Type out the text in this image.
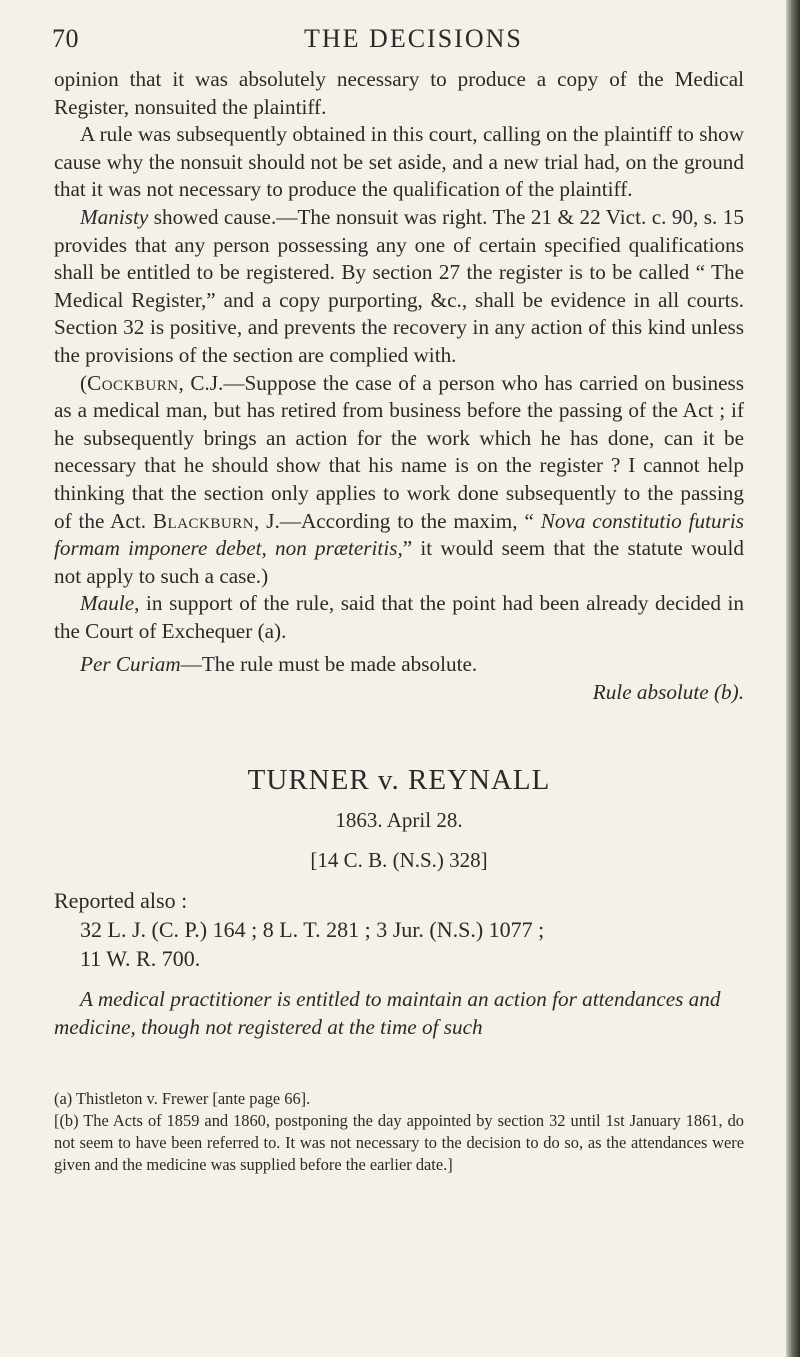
70	THE DECISIONS

opinion that it was absolutely necessary to produce a copy of the Medical Register, nonsuited the plaintiff.

A rule was subsequently obtained in this court, calling on the plaintiff to show cause why the nonsuit should not be set aside, and a new trial had, on the ground that it was not necessary to produce the qualification of the plaintiff.

Manisty showed cause.—The nonsuit was right. The 21 & 22 Vict. c. 90, s. 15 provides that any person possessing any one of certain specified qualifications shall be entitled to be registered. By section 27 the register is to be called “ The Medical Register,” and a copy purporting, &c., shall be evidence in all courts. Section 32 is positive, and prevents the recovery in any action of this kind unless the provisions of the section are complied with.

(Cockburn, C.J.—Suppose the case of a person who has carried on business as a medical man, but has retired from business before the passing of the Act ; if he subsequently brings an action for the work which he has done, can it be necessary that he should show that his name is on the register ? I cannot help thinking that the section only applies to work done subsequently to the passing of the Act. Blackburn, J.—According to the maxim, “ Nova constitutio futuris formam imponere debet, non præteritis,” it would seem that the statute would not apply to such a case.)

Maule, in support of the rule, said that the point had been already decided in the Court of Exchequer (a).

Per Curiam—The rule must be made absolute.

Rule absolute (b).

TURNER v. REYNALL
1863. April 28.
[14 C. B. (N.S.) 328]
Reported also :
32 L. J. (C. P.) 164 ; 8 L. T. 281 ; 3 Jur. (N.S.) 1077 ;
11 W. R. 700.

A medical practitioner is entitled to maintain an action for attendances and medicine, though not registered at the time of such

(a) Thistleton v. Frewer [ante page 66].

[(b) The Acts of 1859 and 1860, postponing the day appointed by section 32 until 1st January 1861, do not seem to have been referred to. It was not necessary to the decision to do so, as the attendances were given and the medicine was supplied before the earlier date.]
